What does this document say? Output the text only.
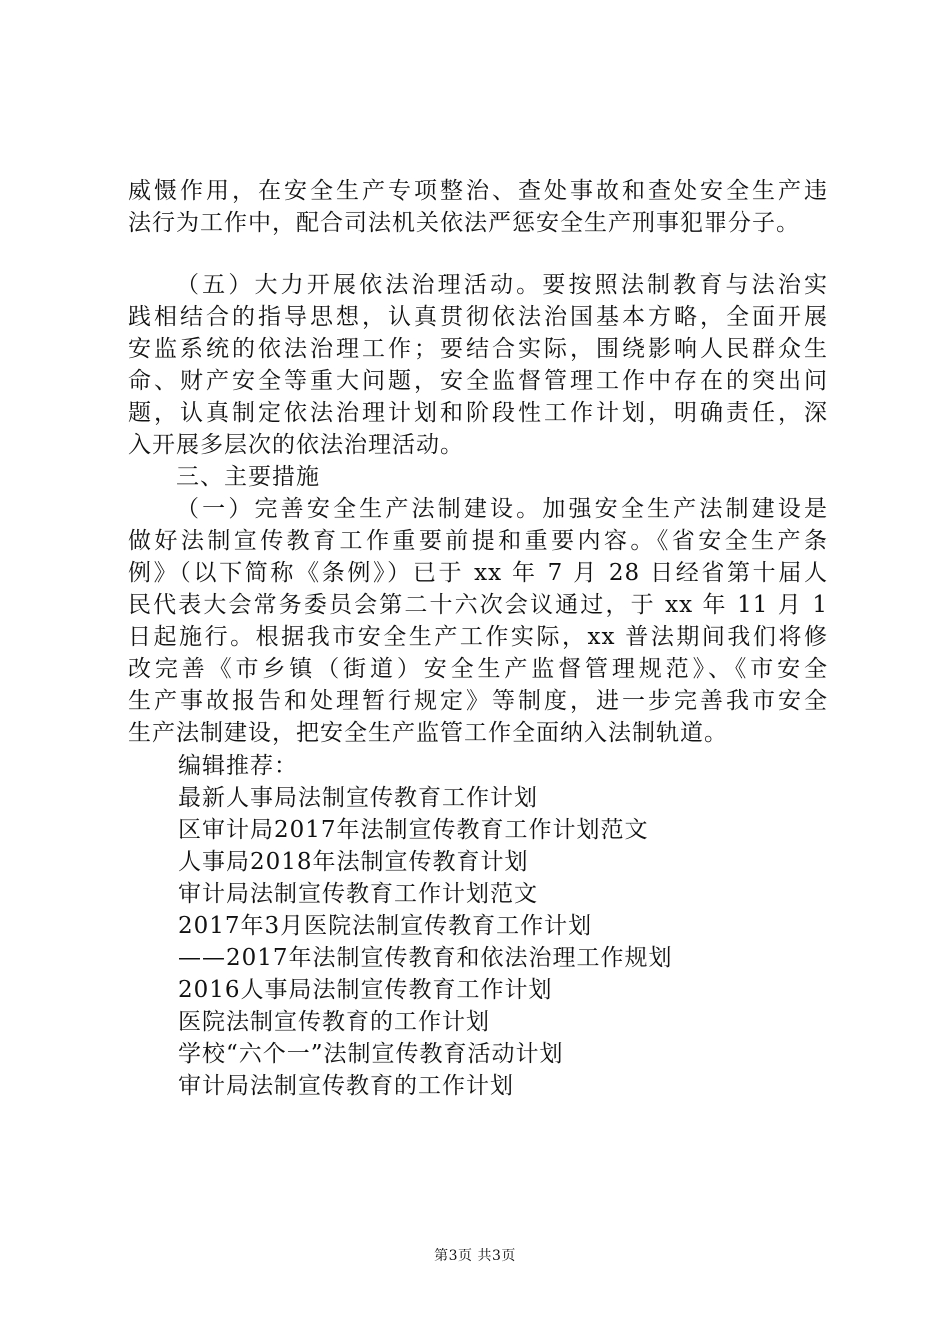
威慑作用，在安全生产专项整治、查处事故和查处安全生产违
法行为工作中，配合司法机关依法严惩安全生产刑事犯罪分子。
（五）大力开展依法治理活动。要按照法制教育与法治实
践相结合的指导思想，认真贯彻依法治国基本方略，全面开展
安监系统的依法治理工作；要结合实际，围绕影响人民群众生
命、财产安全等重大问题，安全监督管理工作中存在的突出问
题，认真制定依法治理计划和阶段性工作计划，明确责任，深
入开展多层次的依法治理活动。
三、主要措施
（一）完善安全生产法制建设。加强安全生产法制建设是
做好法制宣传教育工作重要前提和重要内容。《省安全生产条
例》（以下简称《条例》）已于 xx 年 7 月 28 日经省第十届人
民代表大会常务委员会第二十六次会议通过，于 xx 年 11 月 1
日起施行。根据我市安全生产工作实际，xx 普法期间我们将修
改完善《市乡镇（街道）安全生产监督管理规范》、《市安全
生产事故报告和处理暂行规定》等制度，进一步完善我市安全
生产法制建设，把安全生产监管工作全面纳入法制轨道。
编辑推荐：
最新人事局法制宣传教育工作计划
区审计局2017年法制宣传教育工作计划范文
人事局2018年法制宣传教育计划
审计局法制宣传教育工作计划范文
2017年3月医院法制宣传教育工作计划
——2017年法制宣传教育和依法治理工作规划
2016人事局法制宣传教育工作计划
医院法制宣传教育的工作计划
学校“六个一”法制宣传教育活动计划
审计局法制宣传教育的工作计划
第3页 共3页
